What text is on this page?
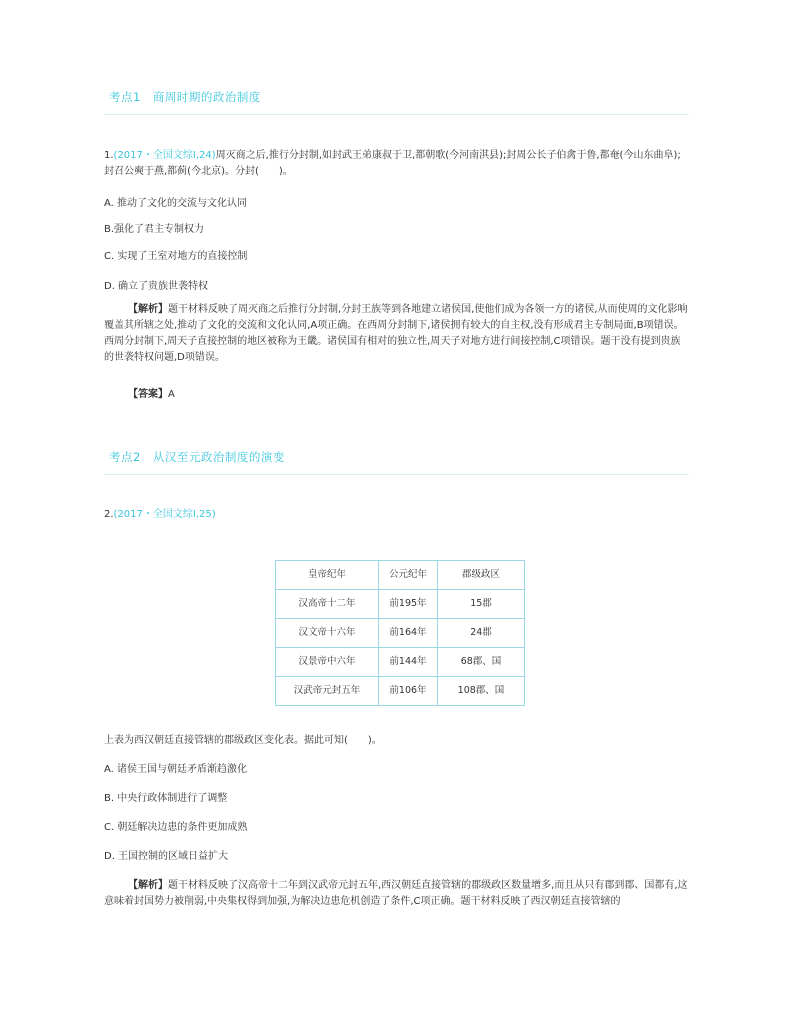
考点1　商周时期的政治制度

1.(2017・全国文综Ⅰ,24)周灭商之后,推行分封制,如封武王弟康叔于卫,都朝歌(今河南淇县);封周公长子伯禽于鲁,都奄(今山东曲阜);封召公奭于燕,都蓟(今北京)。分封(　　)。

A. 推动了文化的交流与文化认同
B.强化了君主专制权力
C. 实现了王室对地方的直接控制
D. 确立了贵族世袭特权
【解析】题干材料反映了周灭商之后推行分封制,分封王族等到各地建立诸侯国,使他们成为各领一方的诸侯,从而使周的文化影响覆盖其所辖之处,推动了文化的交流和文化认同,A项正确。在西周分封制下,诸侯拥有较大的自主权,没有形成君主专制局面,B项错误。西周分封制下,周天子直接控制的地区被称为王畿。诸侯国有相对的独立性,周天子对地方进行间接控制,C项错误。题干没有提到贵族的世袭特权问题,D项错误。
【答案】A
考点2　从汉至元政治制度的演变
2.(2017・全国文综Ⅰ,25)
皇帝纪年	公元纪年	郡级政区
汉高帝十二年	前195年	15郡
汉文帝十六年	前164年	24郡
汉景帝中六年	前144年	68郡、国
汉武帝元封五年	前106年	108郡、国
上表为西汉朝廷直接管辖的郡级政区变化表。据此可知(　　)。
A. 诸侯王国与朝廷矛盾渐趋激化
B. 中央行政体制进行了调整
C. 朝廷解决边患的条件更加成熟
D. 王国控制的区域日益扩大
【解析】题干材料反映了汉高帝十二年到汉武帝元封五年,西汉朝廷直接管辖的郡级政区数量增多,而且从只有郡到郡、国都有,这意味着封国势力被削弱,中央集权得到加强,为解决边患危机创造了条件,C项正确。题干材料反映了西汉朝廷直接管辖的
